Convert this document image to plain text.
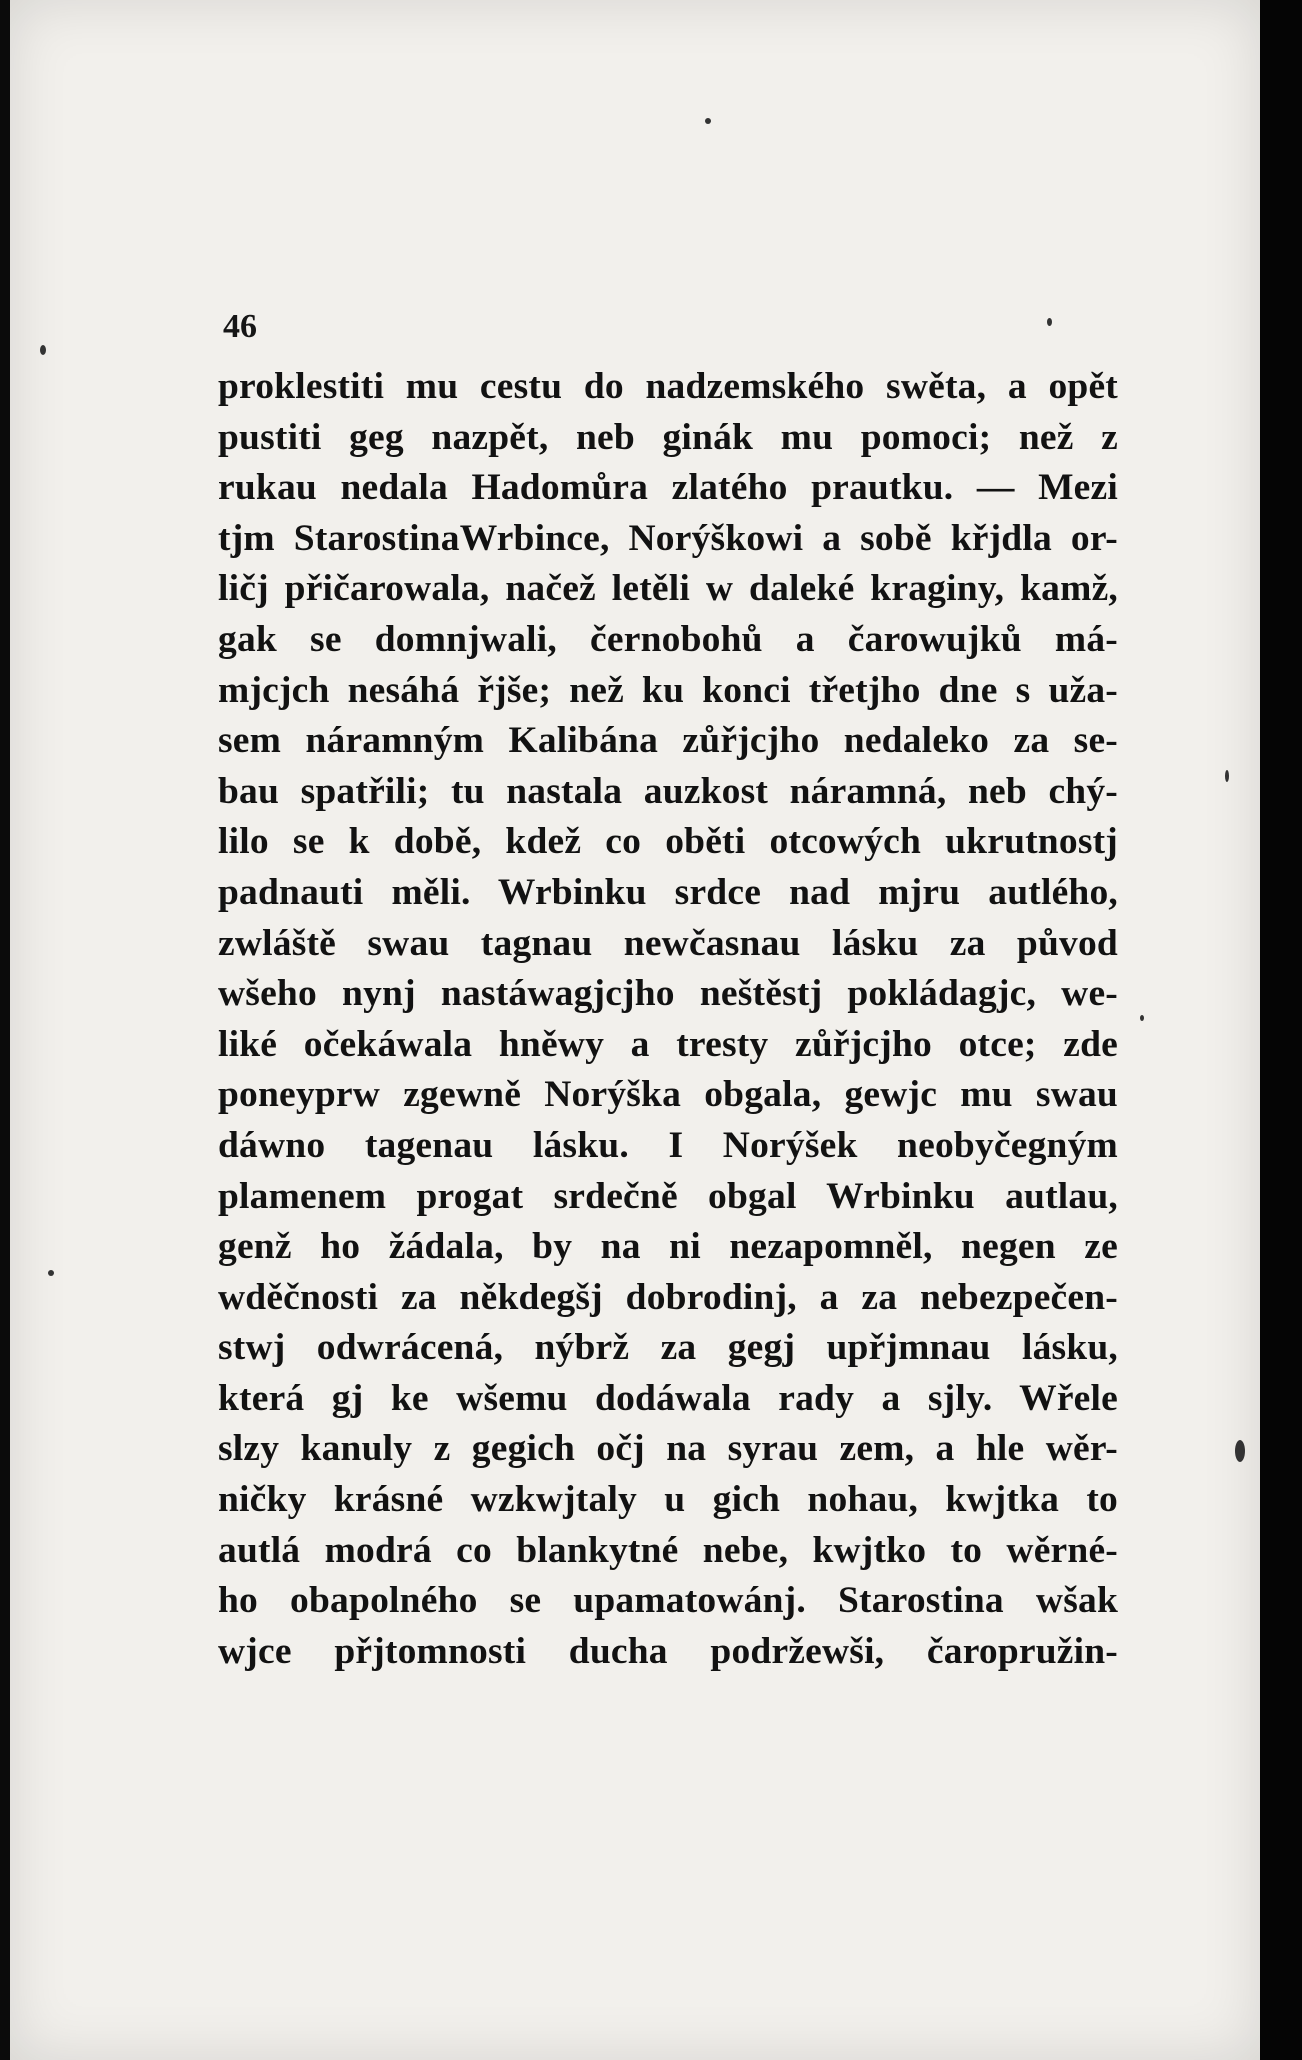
46

proklestiti mu cestu do nadzemského swěta, a opět
pustiti geg nazpět, neb ginák mu pomoci; než z
rukau nedala Hadomůra zlatého prautku. — Mezi
tjm StarostinaWrbince, Norýškowi a sobě křjdla or-
ličj přičarowala, načež letěli w daleké kraginy, kamž,
gak se domnjwali, černobohů a čarowujků má-
mjcjch nesáhá řjše; než ku konci třetjho dne s uža-
sem náramným Kalibána zůřjcjho nedaleko za se-
bau spatřili; tu nastala auzkost náramná, neb chý-
lilo se k době, kdež co oběti otcowých ukrutnostj
padnauti měli. Wrbinku srdce nad mjru autlého,
zwláště swau tagnau newčasnau lásku za původ
wšeho nynj nastáwagjcjho neštěstj pokládagjc, we-
liké očekáwala hněwy a tresty zůřjcjho otce; zde
poneyprw zgewně Norýška obgala, gewjc mu swau
dáwno tagenau lásku. I Norýšek neobyčegným
plamenem progat srdečně obgal Wrbinku autlau,
genž ho žádala, by na ni nezapomněl, negen ze
wděčnosti za někdegšj dobrodinj, a za nebezpečen-
stwj odwrácená, nýbrž za gegj upřjmnau lásku,
která gj ke wšemu dodáwala rady a sjly. Wřele
slzy kanuly z gegich očj na syrau zem, a hle wěr-
ničky krásné wzkwjtaly u gich nohau, kwjtka to
autlá modrá co blankytné nebe, kwjtko to wěrné-
ho obapolného se upamatowánj. Starostina wšak
wjce přjtomnosti ducha podržewši, čaropružin-
